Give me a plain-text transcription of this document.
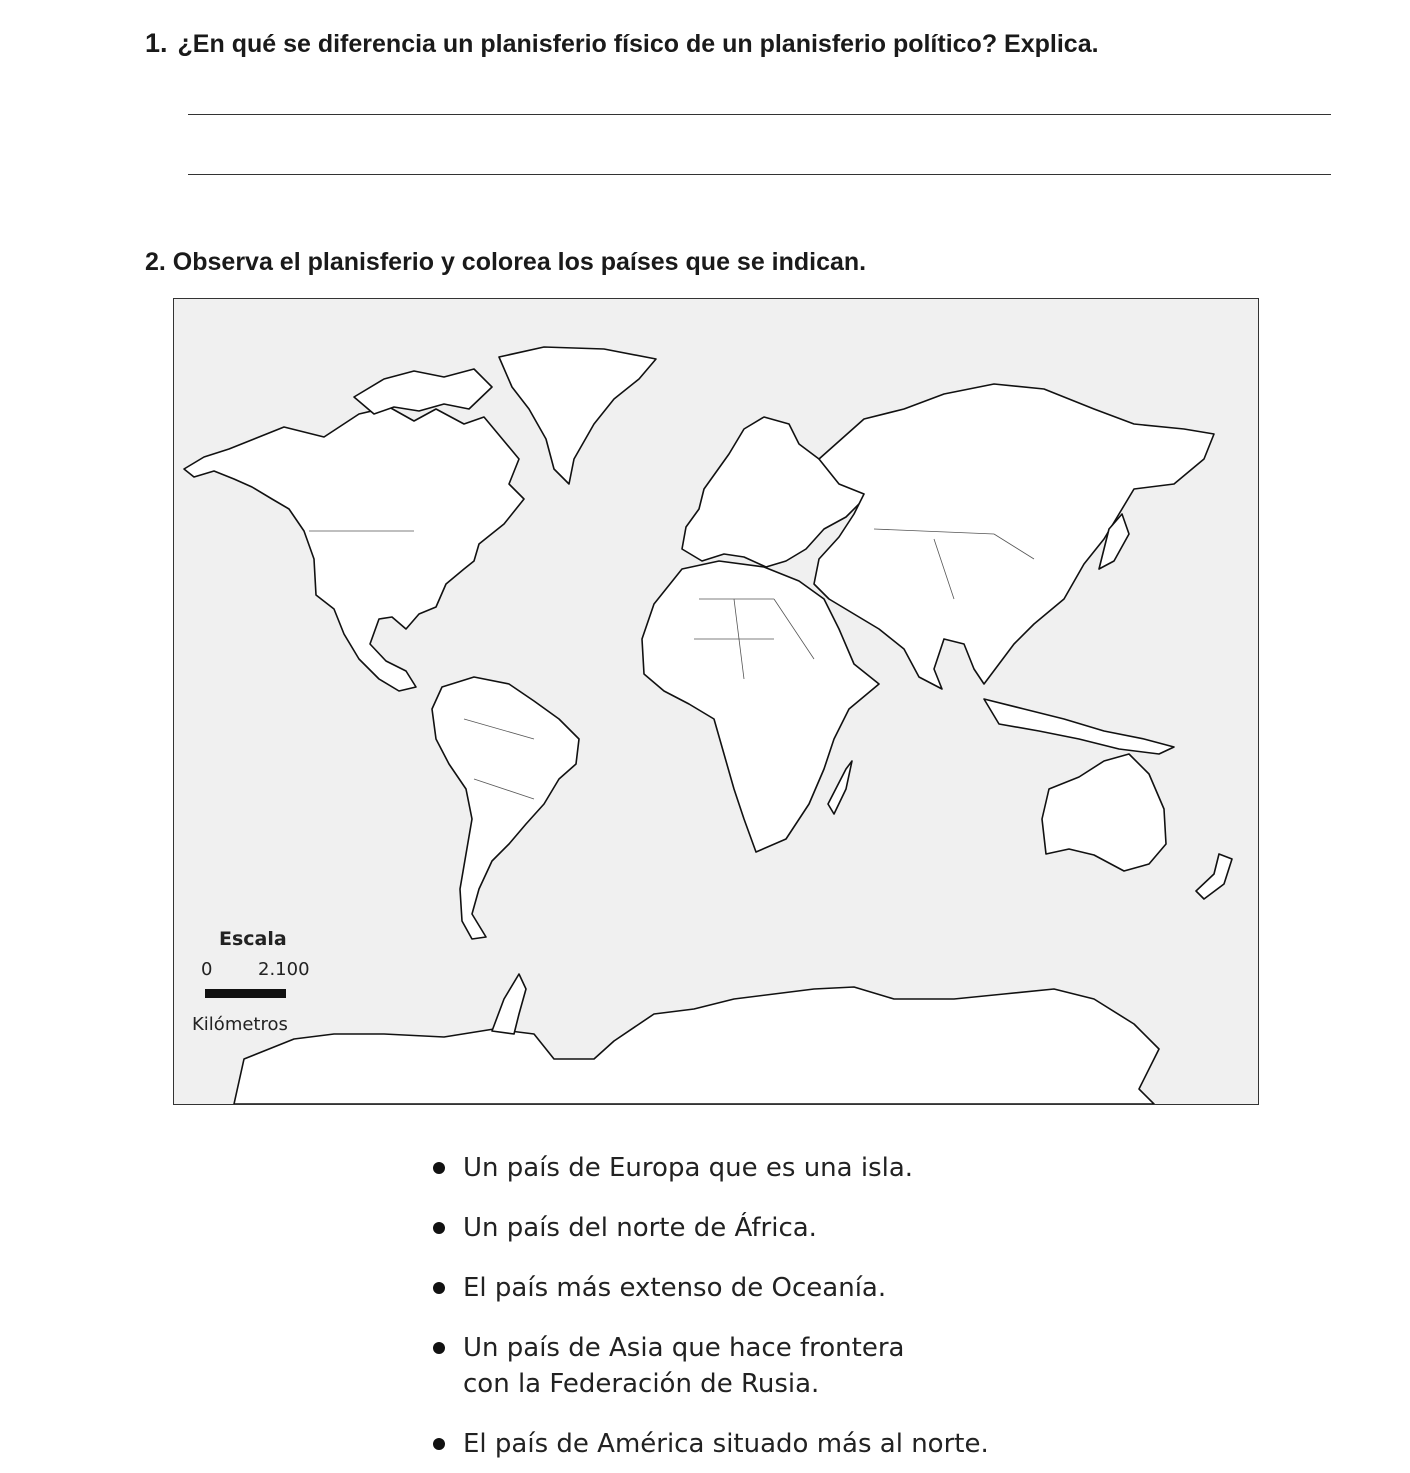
1. ¿En qué se diferencia un planisferio físico de un planisferio político? Explica.
2. Observa el planisferio y colorea los países que se indican.
Escala
0	2.100
Kilómetros
Un país de Europa que es una isla.
Un país del norte de África.
El país más extenso de Oceanía.
Un país de Asia que hace frontera
con la Federación de Rusia.
El país de América situado más al norte.
